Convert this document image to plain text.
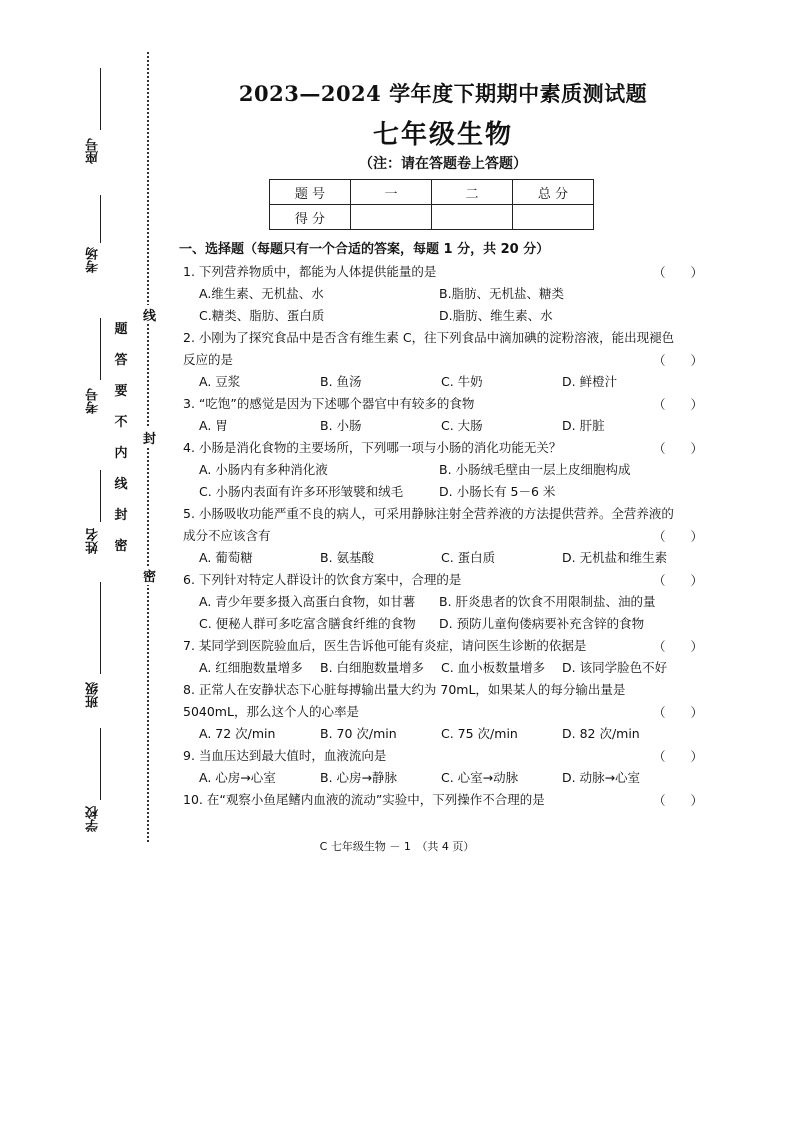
线
封
密
座号
考场
考号
姓名
班级
学校
题
答
要
不
内
线
封
密
2023—2024 学年度下期期中素质测试题
七年级生物
（注：请在答题卷上答题）
题 号	一	二	总 分
得 分			
一、选择题（每题只有一个合适的答案，每题 1 分，共 20 分）
1. 下列营养物质中，都能为人体提供能量的是	（　　）
A.维生素、无机盐、水	B.脂肪、无机盐、糖类
C.糖类、脂肪、蛋白质	D.脂肪、维生素、水
2. 小刚为了探究食品中是否含有维生素 C，往下列食品中滴加碘的淀粉溶液，能出现褪色反应的是	（　　）
A. 豆浆	B. 鱼汤	C. 牛奶	D. 鲜橙汁
3. “吃饱”的感觉是因为下述哪个器官中有较多的食物	（　　）
A. 胃	B. 小肠	C. 大肠	D. 肝脏
4. 小肠是消化食物的主要场所，下列哪一项与小肠的消化功能无关？	（　　）
A. 小肠内有多种消化液	B. 小肠绒毛壁由一层上皮细胞构成
C. 小肠内表面有许多环形皱襞和绒毛	D. 小肠长有 5－6 米
5. 小肠吸收功能严重不良的病人，可采用静脉注射全营养液的方法提供营养。全营养液的成分不应该含有	（　　）
A. 葡萄糖	B. 氨基酸	C. 蛋白质	D. 无机盐和维生素
6. 下列针对特定人群设计的饮食方案中，合理的是	（　　）
A. 青少年要多摄入高蛋白食物，如甘薯	B. 肝炎患者的饮食不用限制盐、油的量
C. 便秘人群可多吃富含膳食纤维的食物	D. 预防儿童佝偻病要补充含锌的食物
7. 某同学到医院验血后，医生告诉他可能有炎症，请问医生诊断的依据是	（　　）
A. 红细胞数量增多	B. 白细胞数量增多	C. 血小板数量增多	D. 该同学脸色不好
8. 正常人在安静状态下心脏每搏输出量大约为 70mL，如果某人的每分输出量是 5040mL，那么这个人的心率是	（　　）
A. 72 次/min	B. 70 次/min	C. 75 次/min	D. 82 次/min
9. 当血压达到最大值时，血液流向是	（　　）
A. 心房→心室	B. 心房→静脉	C. 心室→动脉	D. 动脉→心室
10. 在“观察小鱼尾鳍内血液的流动”实验中，下列操作不合理的是	（　　）
C 七年级生物 － 1　（共 4 页）
